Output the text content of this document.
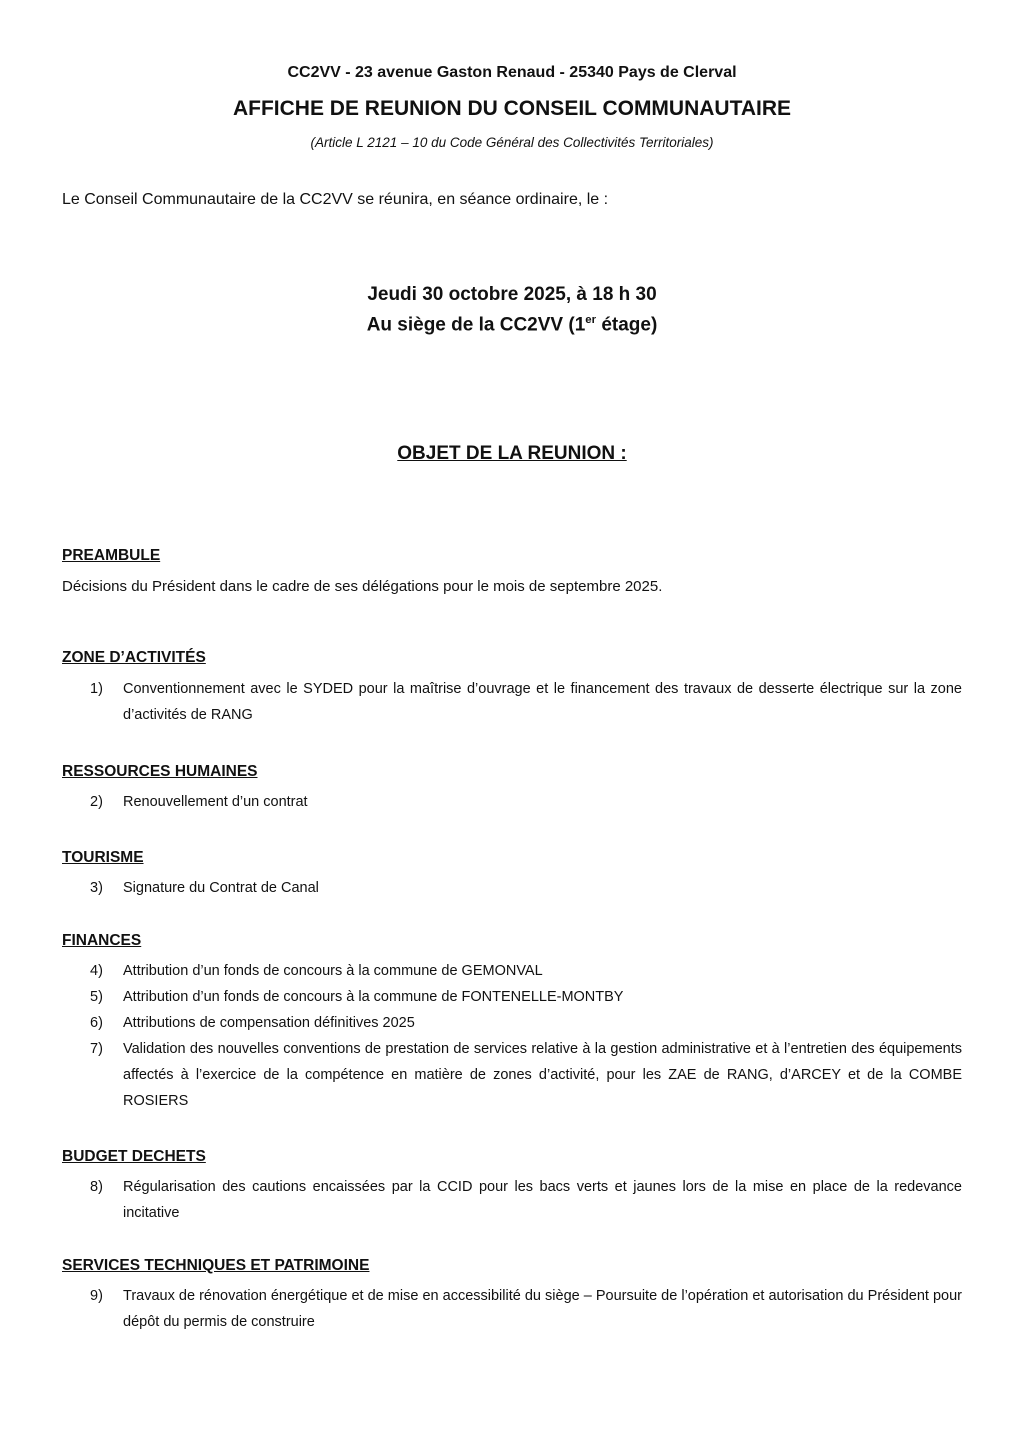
CC2VV - 23 avenue Gaston Renaud - 25340 Pays de Clerval
AFFICHE DE REUNION DU CONSEIL COMMUNAUTAIRE
(Article L 2121 – 10 du Code Général des Collectivités Territoriales)
Le Conseil Communautaire de la CC2VV se réunira, en séance ordinaire, le :
Jeudi 30 octobre 2025, à 18 h 30
Au siège de la CC2VV (1er étage)
OBJET DE LA REUNION :
PREAMBULE
Décisions du Président dans le cadre de ses délégations pour le mois de septembre 2025.
ZONE D’ACTIVITÉS
1)	Conventionnement avec le SYDED pour la maîtrise d’ouvrage et le financement des travaux de desserte électrique sur la zone d’activités de RANG
RESSOURCES HUMAINES
2)	Renouvellement d’un contrat
TOURISME
3)	Signature du Contrat de Canal
FINANCES
4)	Attribution d’un fonds de concours à la commune de GEMONVAL
5)	Attribution d’un fonds de concours à la commune de FONTENELLE-MONTBY
6)	Attributions de compensation définitives 2025
7)	Validation des nouvelles conventions de prestation de services relative à la gestion administrative et à l’entretien des équipements affectés à l’exercice de la compétence en matière de zones d’activité, pour les ZAE de RANG, d’ARCEY et de la COMBE ROSIERS
BUDGET DECHETS
8)	Régularisation des cautions encaissées par la CCID pour les bacs verts et jaunes lors de la mise en place de la redevance incitative
SERVICES TECHNIQUES ET PATRIMOINE
9)	Travaux de rénovation énergétique et de mise en accessibilité du siège – Poursuite de l’opération et autorisation du Président pour dépôt du permis de construire
